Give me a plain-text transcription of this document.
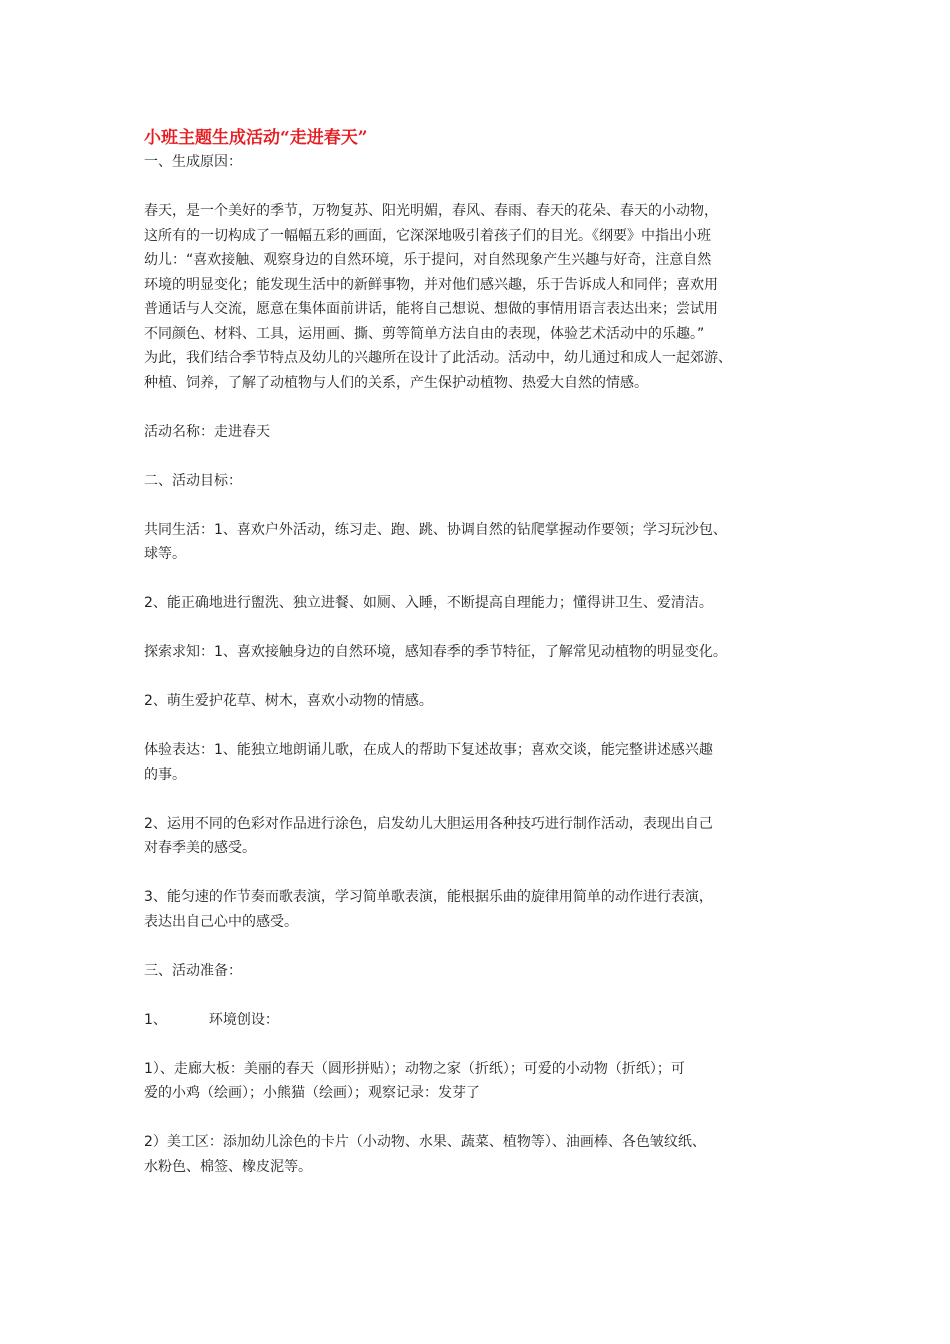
小班主题生成活动“走进春天”

一、生成原因：

春天，是一个美好的季节，万物复苏、阳光明媚，春风、春雨、春天的花朵、春天的小动物，
这所有的一切构成了一幅幅五彩的画面，它深深地吸引着孩子们的目光。《纲要》中指出小班
幼儿：“喜欢接触、观察身边的自然环境，乐于提问，对自然现象产生兴趣与好奇，注意自然
环境的明显变化；能发现生活中的新鲜事物，并对他们感兴趣，乐于告诉成人和同伴；喜欢用
普通话与人交流，愿意在集体面前讲话，能将自己想说、想做的事情用语言表达出来；尝试用
不同颜色、材料、工具，运用画、撕、剪等简单方法自由的表现，体验艺术活动中的乐趣。”
为此，我们结合季节特点及幼儿的兴趣所在设计了此活动。活动中，幼儿通过和成人一起郊游、
种植、饲养，了解了动植物与人们的关系，产生保护动植物、热爱大自然的情感。

活动名称：走进春天

二、活动目标：

共同生活：1、喜欢户外活动，练习走、跑、跳、协调自然的钻爬掌握动作要领；学习玩沙包、
球等。

2、能正确地进行盥洗、独立进餐、如厕、入睡，不断提高自理能力；懂得讲卫生、爱清洁。

探索求知：1、喜欢接触身边的自然环境，感知春季的季节特征，了解常见动植物的明显变化。

2、萌生爱护花草、树木，喜欢小动物的情感。

体验表达：1、能独立地朗诵儿歌，在成人的帮助下复述故事；喜欢交谈，能完整讲述感兴趣
的事。
2、运用不同的色彩对作品进行涂色，启发幼儿大胆运用各种技巧进行制作活动，表现出自己
对春季美的感受。
3、能匀速的作节奏而歌表演，学习简单歌表演，能根据乐曲的旋律用简单的动作进行表演，
表达出自己心中的感受。

三、活动准备：

1、	环境创设：

1）、走廊大板：美丽的春天（圆形拼贴）；动物之家（折纸）；可爱的小动物（折纸）；可
爱的小鸡（绘画）；小熊猫（绘画）；观察记录：发芽了
2）美工区：添加幼儿涂色的卡片（小动物、水果、蔬菜、植物等）、油画棒、各色皱纹纸、
水粉色、棉签、橡皮泥等。
